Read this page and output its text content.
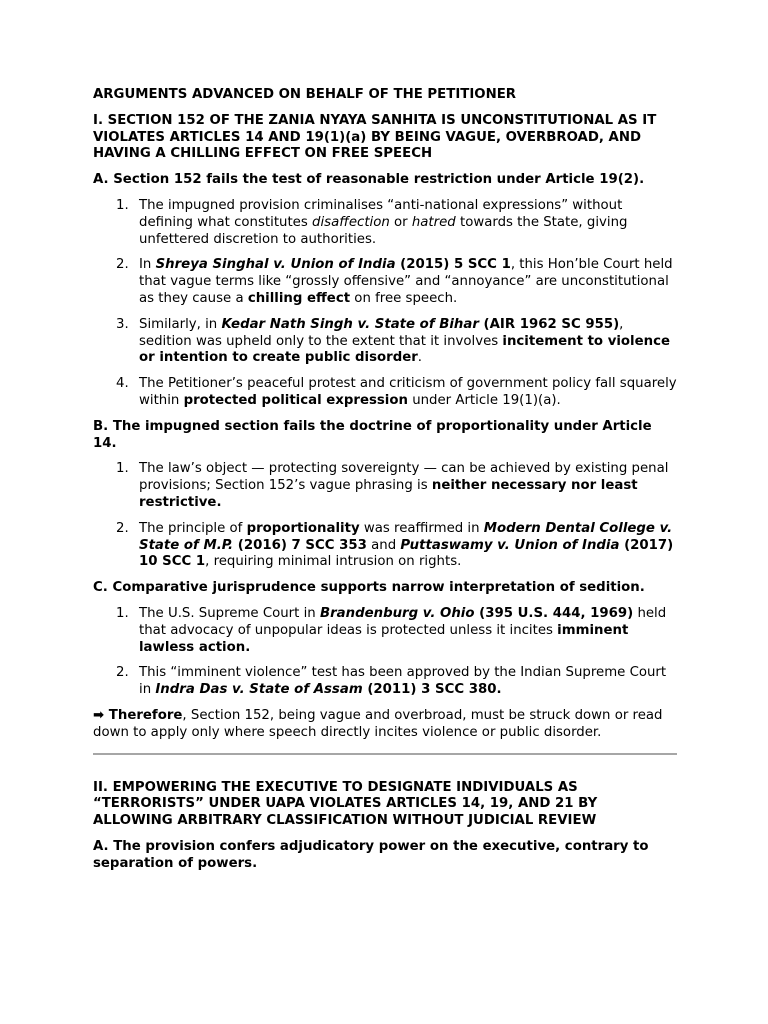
ARGUMENTS ADVANCED ON BEHALF OF THE PETITIONER
I. SECTION 152 OF THE ZANIA NYAYA SANHITA IS UNCONSTITUTIONAL AS IT VIOLATES ARTICLES 14 AND 19(1)(a) BY BEING VAGUE, OVERBROAD, AND HAVING A CHILLING EFFECT ON FREE SPEECH
A. Section 152 fails the test of reasonable restriction under Article 19(2).
1. The impugned provision criminalises “anti-national expressions” without defining what constitutes disaffection or hatred towards the State, giving unfettered discretion to authorities.
2. In Shreya Singhal v. Union of India (2015) 5 SCC 1, this Hon’ble Court held that vague terms like “grossly offensive” and “annoyance” are unconstitutional as they cause a chilling effect on free speech.
3. Similarly, in Kedar Nath Singh v. State of Bihar (AIR 1962 SC 955), sedition was upheld only to the extent that it involves incitement to violence or intention to create public disorder.
4. The Petitioner’s peaceful protest and criticism of government policy fall squarely within protected political expression under Article 19(1)(a).
B. The impugned section fails the doctrine of proportionality under Article 14.
1. The law’s object — protecting sovereignty — can be achieved by existing penal provisions; Section 152’s vague phrasing is neither necessary nor least restrictive.
2. The principle of proportionality was reaffirmed in Modern Dental College v. State of M.P. (2016) 7 SCC 353 and Puttaswamy v. Union of India (2017) 10 SCC 1, requiring minimal intrusion on rights.
C. Comparative jurisprudence supports narrow interpretation of sedition.
1. The U.S. Supreme Court in Brandenburg v. Ohio (395 U.S. 444, 1969) held that advocacy of unpopular ideas is protected unless it incites imminent lawless action.
2. This “imminent violence” test has been approved by the Indian Supreme Court in Indra Das v. State of Assam (2011) 3 SCC 380.

➡ Therefore, Section 152, being vague and overbroad, must be struck down or read down to apply only where speech directly incites violence or public disorder.

II. EMPOWERING THE EXECUTIVE TO DESIGNATE INDIVIDUALS AS “TERRORISTS” UNDER UAPA VIOLATES ARTICLES 14, 19, AND 21 BY ALLOWING ARBITRARY CLASSIFICATION WITHOUT JUDICIAL REVIEW
A. The provision confers adjudicatory power on the executive, contrary to separation of powers.
